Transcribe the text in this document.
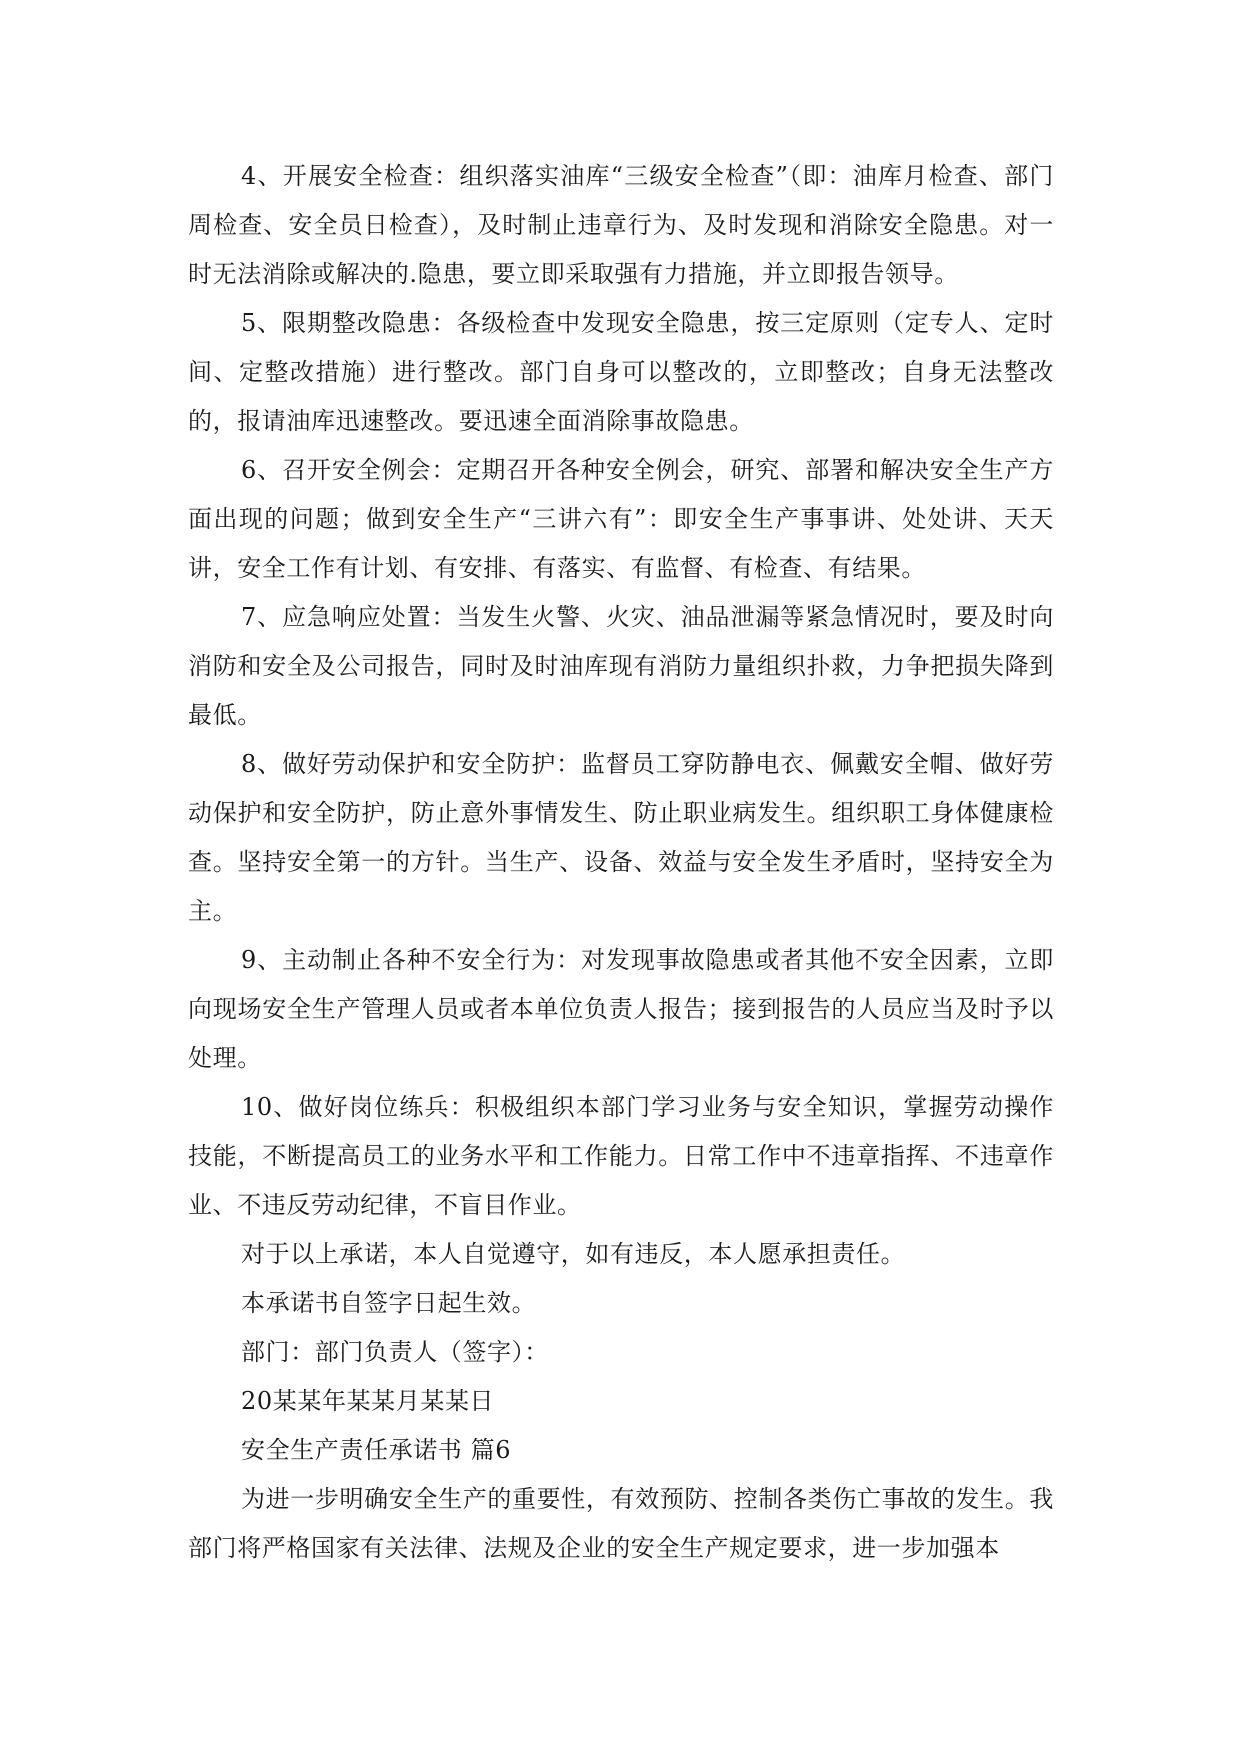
4、开展安全检查：组织落实油库“三级安全检查”（即：油库月检查、部门周检查、安全员日检查），及时制止违章行为、及时发现和消除安全隐患。对一时无法消除或解决的.隐患，要立即采取强有力措施，并立即报告领导。

5、限期整改隐患：各级检查中发现安全隐患，按三定原则（定专人、定时间、定整改措施）进行整改。部门自身可以整改的，立即整改；自身无法整改的，报请油库迅速整改。要迅速全面消除事故隐患。

6、召开安全例会：定期召开各种安全例会，研究、部署和解决安全生产方面出现的问题；做到安全生产“三讲六有”：即安全生产事事讲、处处讲、天天讲，安全工作有计划、有安排、有落实、有监督、有检查、有结果。

7、应急响应处置：当发生火警、火灾、油品泄漏等紧急情况时，要及时向消防和安全及公司报告，同时及时油库现有消防力量组织扑救，力争把损失降到最低。

8、做好劳动保护和安全防护：监督员工穿防静电衣、佩戴安全帽、做好劳动保护和安全防护，防止意外事情发生、防止职业病发生。组织职工身体健康检查。坚持安全第一的方针。当生产、设备、效益与安全发生矛盾时，坚持安全为主。

9、主动制止各种不安全行为：对发现事故隐患或者其他不安全因素，立即向现场安全生产管理人员或者本单位负责人报告；接到报告的人员应当及时予以处理。

10、做好岗位练兵：积极组织本部门学习业务与安全知识，掌握劳动操作技能，不断提高员工的业务水平和工作能力。日常工作中不违章指挥、不违章作业、不违反劳动纪律，不盲目作业。

对于以上承诺，本人自觉遵守，如有违反，本人愿承担责任。

本承诺书自签字日起生效。

部门：部门负责人（签字）：

20某某年某某月某某日

安全生产责任承诺书 篇6

为进一步明确安全生产的重要性，有效预防、控制各类伤亡事故的发生。我部门将严格国家有关法律、法规及企业的安全生产规定要求，进一步加强本
